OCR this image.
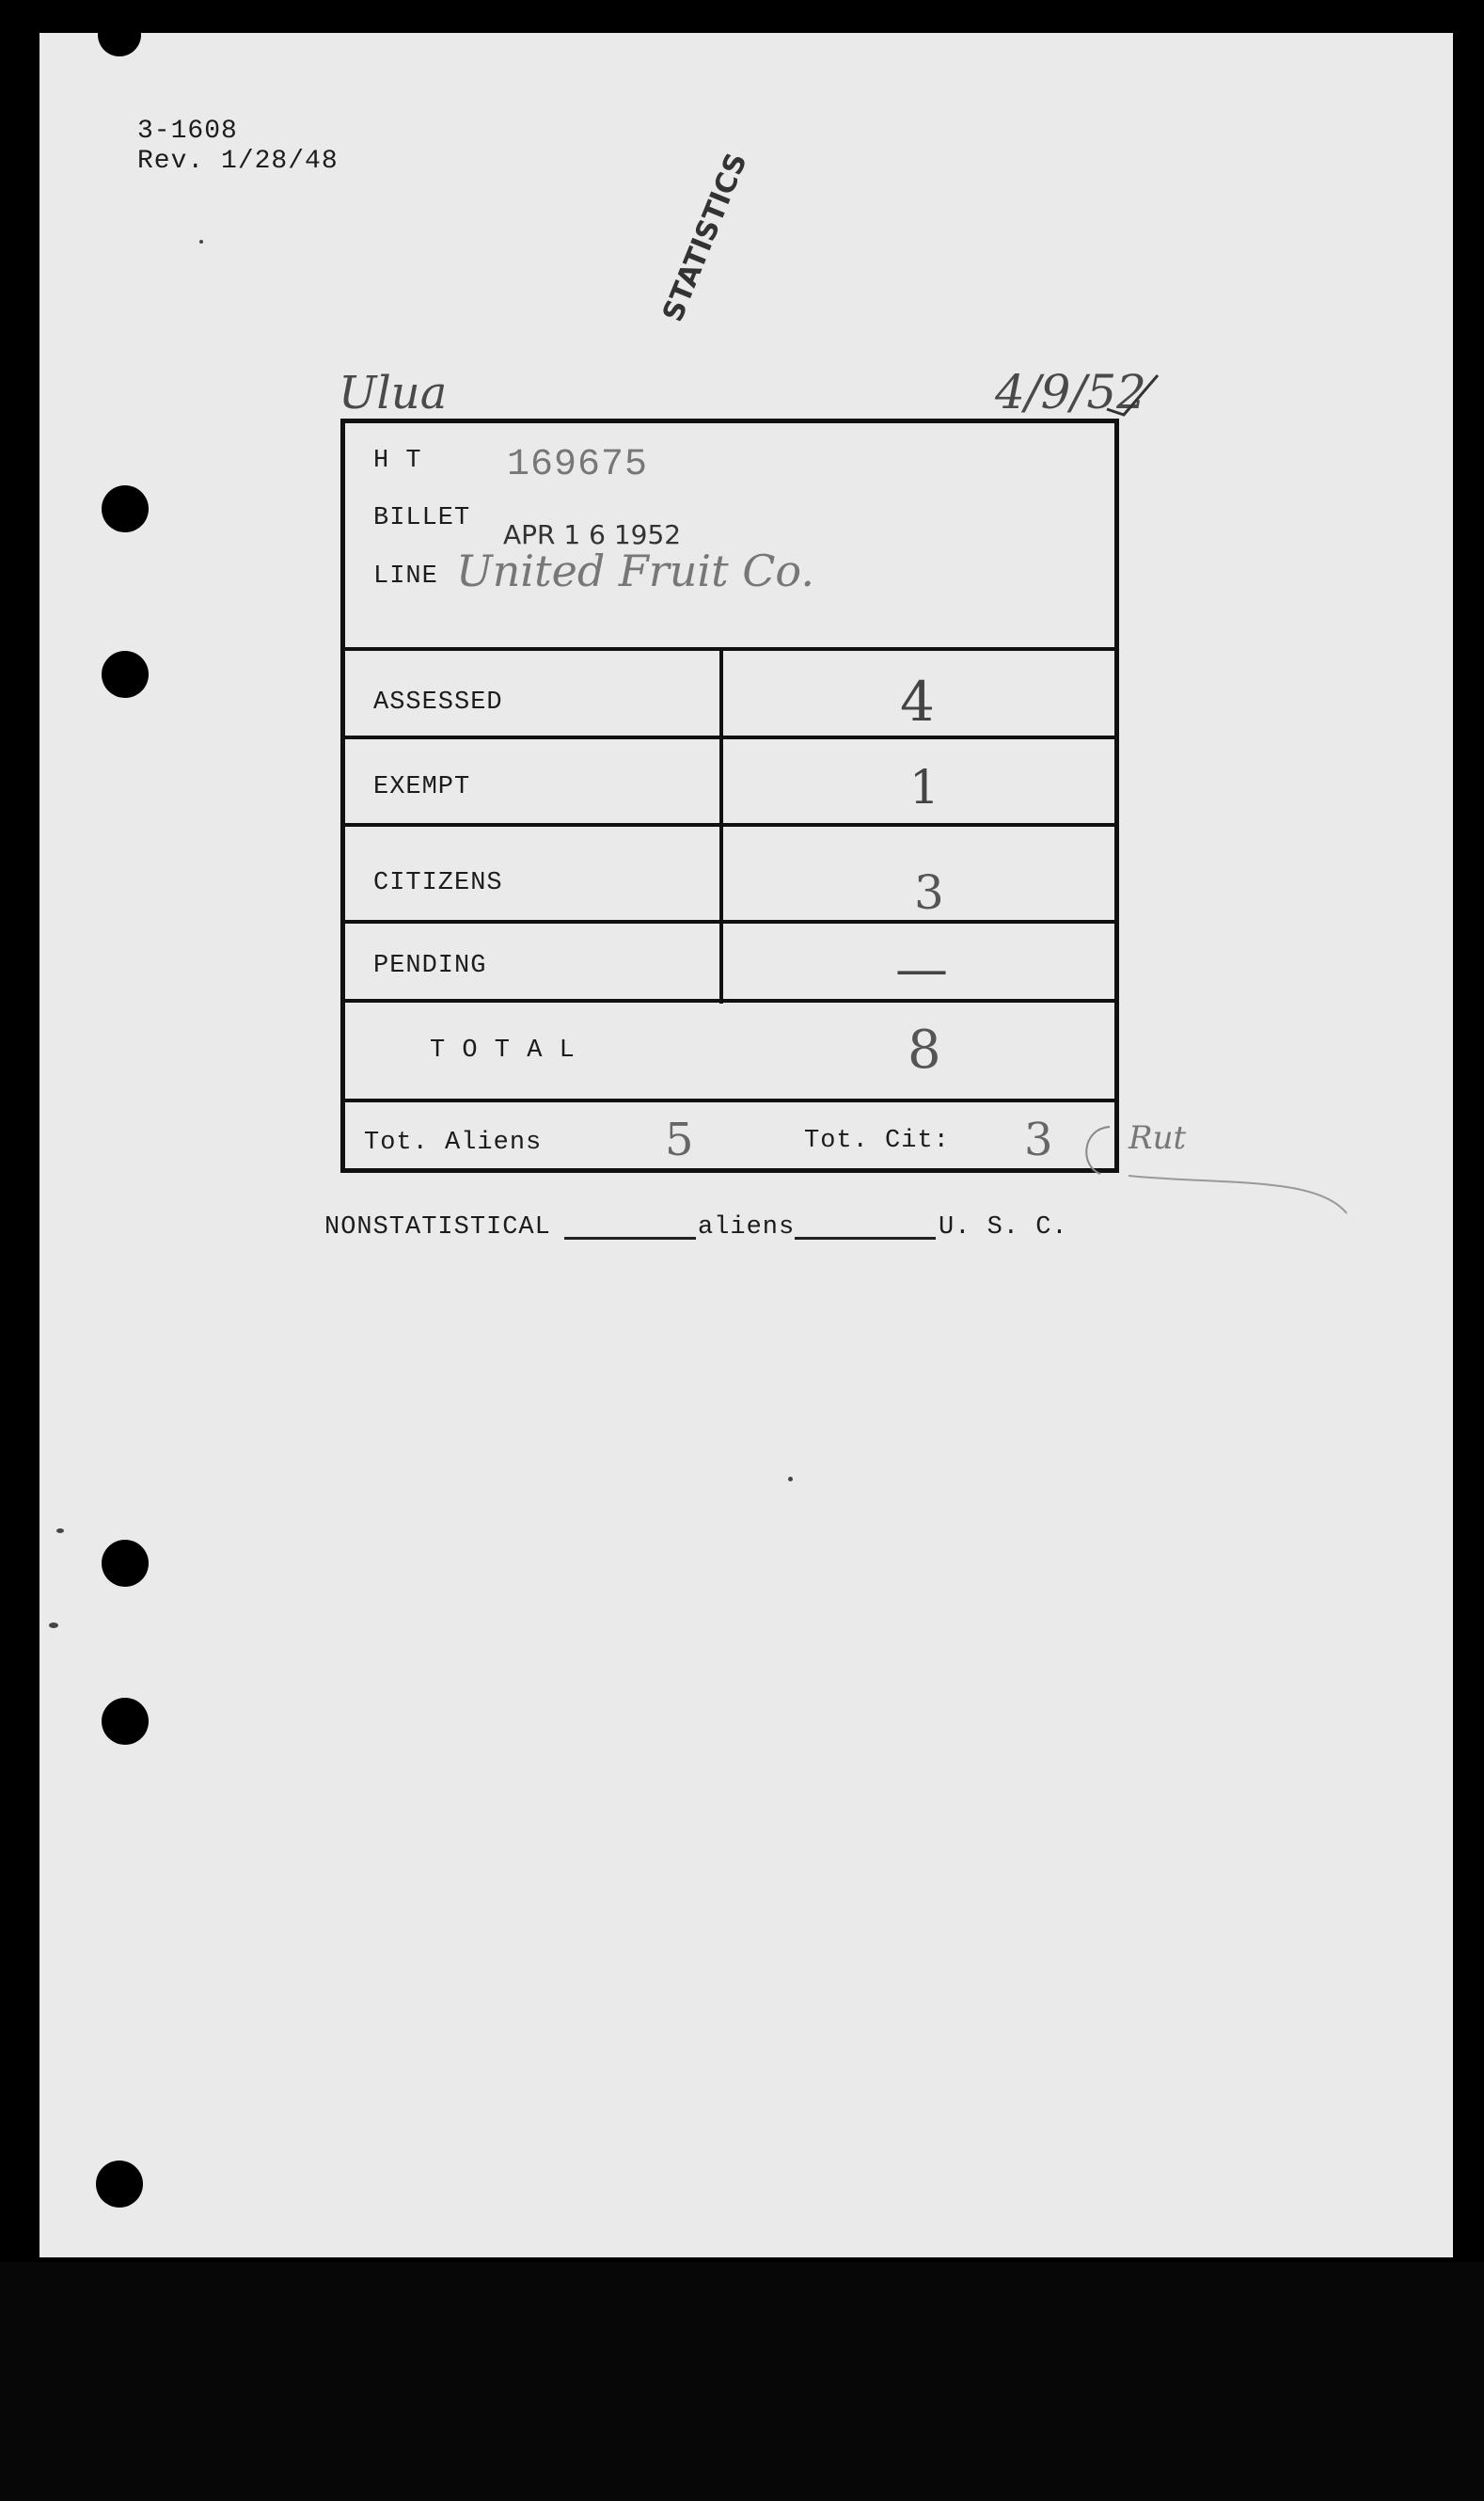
3-1608
Rev. 1/28/48	STATISTICS
Ulua	4/9/52
H T 169675
BILLET
APR 1 6 1952
LINE United Fruit Co.
ASSESSED	4
EXEMPT	1
CITIZENS	3
PENDING	—
T O T A L	8
Tot. Aliens	5	Tot. Cit: 3 Rut
NONSTATISTICAL	aliens	U. S. C.
